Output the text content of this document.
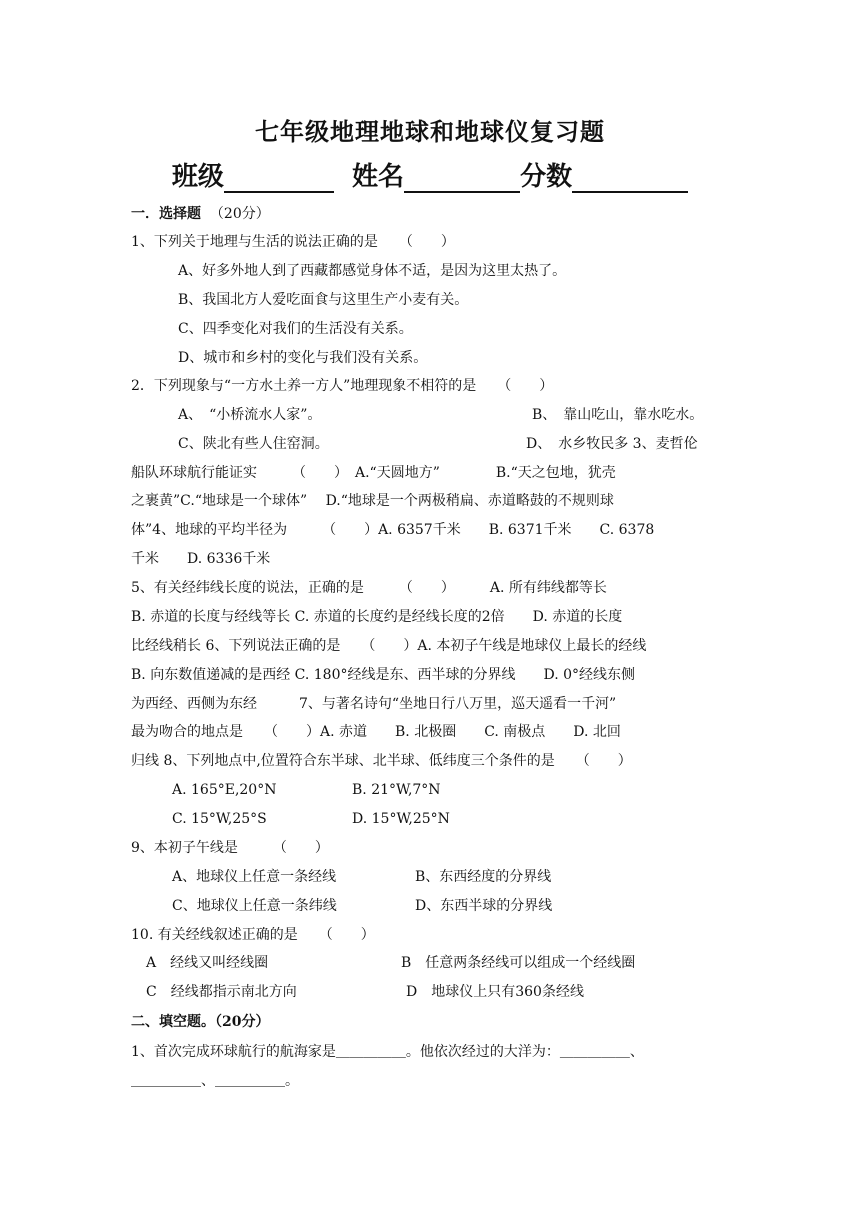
七年级地理地球和地球仪复习题
班级	姓名	分数
一．选择题 （20分）
1、下列关于地理与生活的说法正确的是　　（　　）
A、好多外地人到了西藏都感觉身体不适，是因为这里太热了。
B、我国北方人爱吃面食与这里生产小麦有关。
C、四季变化对我们的生活没有关系。
D、城市和乡村的变化与我们没有关系。
2．下列现象与“一方水土养一方人”地理现象不相符的是　　（　　）
A、　“小桥流水人家”。	B、　靠山吃山，靠水吃水。
C、陕北有些人住窑洞。	D、　水乡牧民多 3、麦哲伦
船队环球航行能证实　　　（　　）　A.“天圆地方”　　　　B.“天之包地，犹壳
之裹黄”C.“地球是一个球体”　 D.“地球是一个两极稍扁、赤道略鼓的不规则球
体”4、地球的平均半径为　　　（　　）A. 6357千米　　B. 6371千米　　C. 6378
千米　　D. 6336千米
5、有关经纬线长度的说法，正确的是　　　（　　）　　　A. 所有纬线都等长
B. 赤道的长度与经线等长 C. 赤道的长度约是经线长度的2倍　　D. 赤道的长度
比经线稍长 6、下列说法正确的是　　（　　）A. 本初子午线是地球仪上最长的经线
B. 向东数值递减的是西经 C. 180°经线是东、西半球的分界线　　D. 0°经线东侧
为西经、西侧为东经　　　7、与著名诗句“坐地日行八万里，巡天遥看一千河”
最为吻合的地点是　　（　　）A. 赤道　　B. 北极圈　　C. 南极点　　D. 北回
归线 8、下列地点中,位置符合东半球、北半球、低纬度三个条件的是　　（　　）
A. 165°E,20°N	B. 21°W,7°N
C. 15°W,25°S	D. 15°W,25°N
9、本初子午线是　　　（　　）
A、地球仪上任意一条经线	B、东西经度的分界线
C、地球仪上任意一条纬线	D、东西半球的分界线
10. 有关经线叙述正确的是　　（　　）
A　经线又叫经线圈	B　任意两条经线可以组成一个经线圈
C　经线都指示南北方向	D　地球仪上只有360条经线
二、填空题。（20分）
1、首次完成环球航行的航海家是＿＿＿＿＿。他依次经过的大洋为：＿＿＿＿＿、
＿＿＿＿＿、＿＿＿＿＿。
